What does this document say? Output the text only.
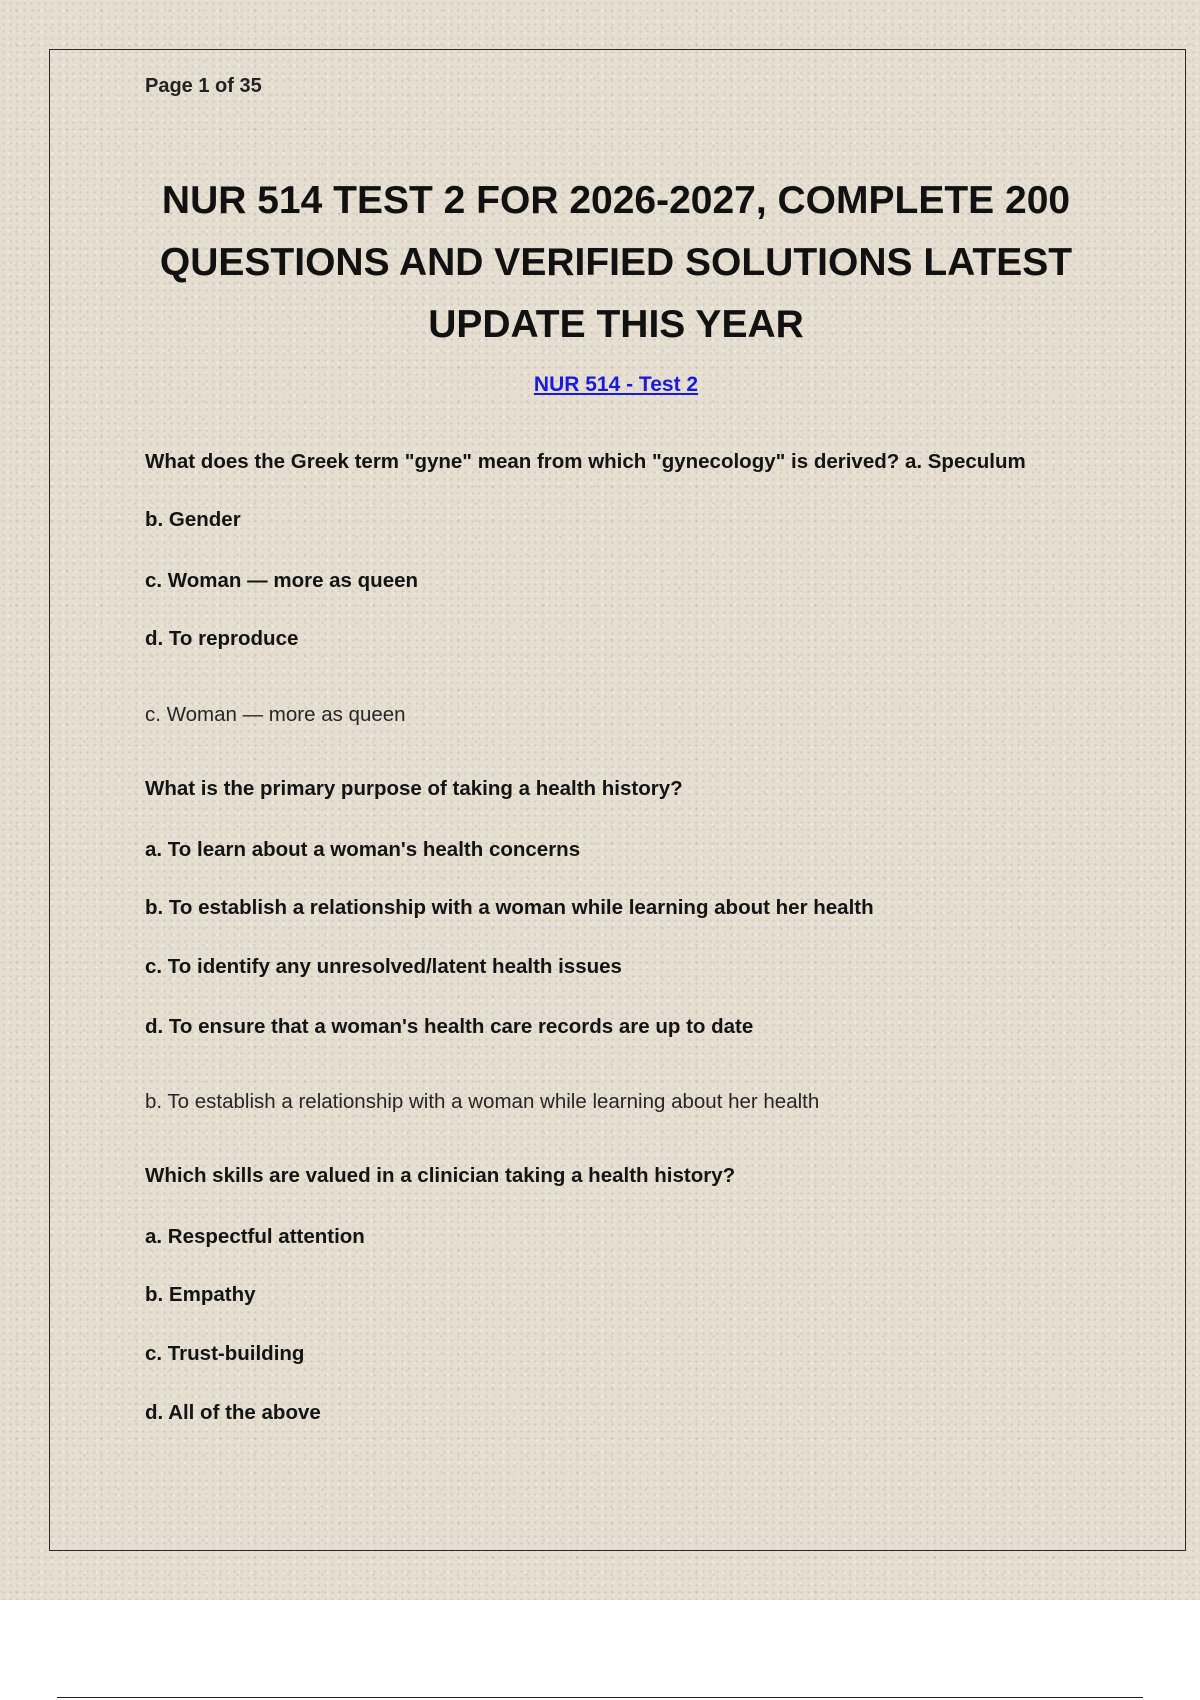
Page 1 of 35
NUR 514 TEST 2 FOR 2026-2027, COMPLETE 200
QUESTIONS AND VERIFIED SOLUTIONS LATEST
UPDATE THIS YEAR
NUR 514 - Test 2
What does the Greek term "gyne" mean from which "gynecology" is derived? a. Speculum
b. Gender
c. Woman — more as queen
d. To reproduce
c. Woman — more as queen
What is the primary purpose of taking a health history?
a. To learn about a woman's health concerns
b. To establish a relationship with a woman while learning about her health
c. To identify any unresolved/latent health issues
d. To ensure that a woman's health care records are up to date
b. To establish a relationship with a woman while learning about her health
Which skills are valued in a clinician taking a health history?
a. Respectful attention
b. Empathy
c. Trust-building
d. All of the above
